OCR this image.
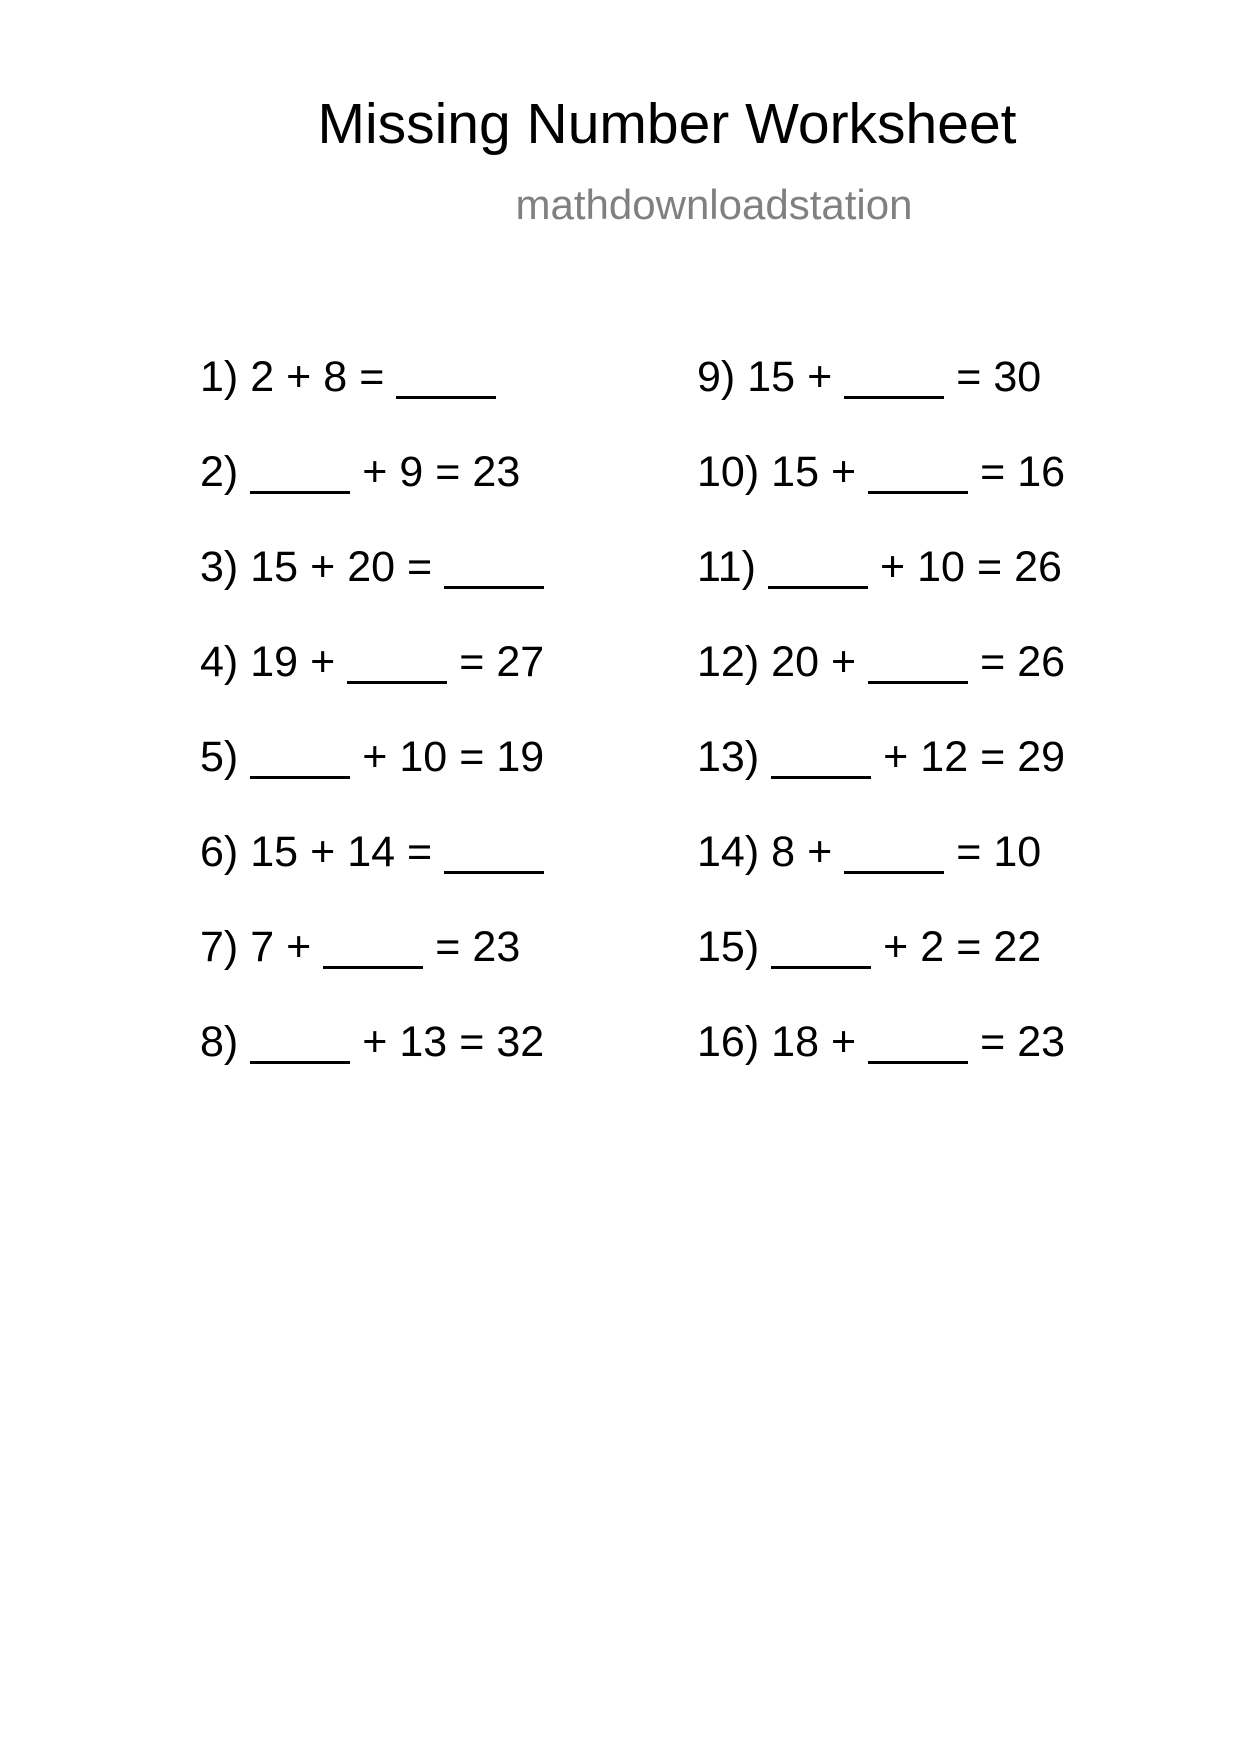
Missing Number Worksheet
mathdownloadstation
1) 2 + 8 =
2)	+ 9 = 23
3) 15 + 20 =
4) 19 +	= 27
5)	+ 10 = 19
6) 15 + 14 =
7) 7 +	= 23
8)	+ 13 = 32
9) 15 +	= 30
10) 15 +	= 16
11)	+ 10 = 26
12) 20 +	= 26
13)	+ 12 = 29
14) 8 +	= 10
15)	+ 2 = 22
16) 18 +	= 23
